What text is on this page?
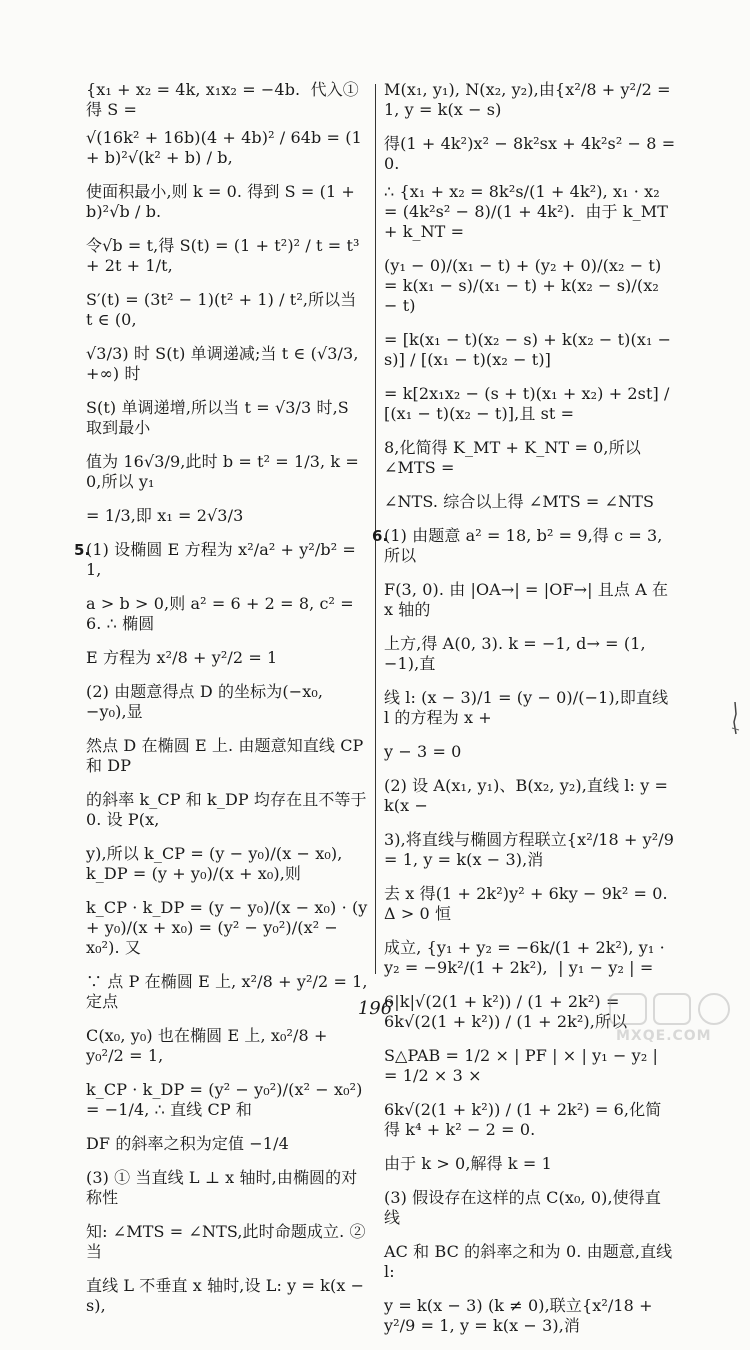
{x₁ + x₂ = 4k, x₁x₂ = −4b.  代入①得 S =
√(16k² + 16b)(4 + 4b)² / 64b = (1 + b)²√(k² + b) / b,
使面积最小,则 k = 0. 得到 S = (1 + b)²√b / b.
令√b = t,得 S(t) = (1 + t²)² / t = t³ + 2t + 1/t,
S′(t) = (3t² − 1)(t² + 1) / t²,所以当 t ∈ (0,
√3/3) 时 S(t) 单调递减;当 t ∈ (√3/3, +∞) 时
S(t) 单调递增,所以当 t = √3/3 时,S 取到最小
值为 16√3/9,此时 b = t² = 1/3, k = 0,所以 y₁
= 1/3,即 x₁ = 2√3/3
5.
(1) 设椭圆 E 方程为 x²/a² + y²/b² = 1,
a > b > 0,则 a² = 6 + 2 = 8, c² = 6. ∴ 椭圆
E 方程为 x²/8 + y²/2 = 1
(2) 由题意得点 D 的坐标为(−x₀, −y₀),显
然点 D 在椭圆 E 上. 由题意知直线 CP 和 DP
的斜率 k_CP 和 k_DP 均存在且不等于 0. 设 P(x,
y),所以 k_CP = (y − y₀)/(x − x₀), k_DP = (y + y₀)/(x + x₀),则
k_CP · k_DP = (y − y₀)/(x − x₀) · (y + y₀)/(x + x₀) = (y² − y₀²)/(x² − x₀²). 又
∵ 点 P 在椭圆 E 上, x²/8 + y²/2 = 1,定点
C(x₀, y₀) 也在椭圆 E 上, x₀²/8 + y₀²/2 = 1,
k_CP · k_DP = (y² − y₀²)/(x² − x₀²) = −1/4, ∴ 直线 CP 和
DF 的斜率之积为定值 −1/4
(3) ① 当直线 L ⊥ x 轴时,由椭圆的对称性
知: ∠MTS = ∠NTS,此时命题成立. ② 当
直线 L 不垂直 x 轴时,设 L: y = k(x − s),
M(x₁, y₁), N(x₂, y₂),由{x²/8 + y²/2 = 1, y = k(x − s)
得(1 + 4k²)x² − 8k²sx + 4k²s² − 8 = 0.
∴ {x₁ + x₂ = 8k²s/(1 + 4k²), x₁ · x₂ = (4k²s² − 8)/(1 + 4k²).  由于 k_MT + k_NT =
(y₁ − 0)/(x₁ − t) + (y₂ + 0)/(x₂ − t) = k(x₁ − s)/(x₁ − t) + k(x₂ − s)/(x₂ − t)
= [k(x₁ − t)(x₂ − s) + k(x₂ − t)(x₁ − s)] / [(x₁ − t)(x₂ − t)]
= k[2x₁x₂ − (s + t)(x₁ + x₂) + 2st] / [(x₁ − t)(x₂ − t)],且 st =
8,化简得 K_MT + K_NT = 0,所以 ∠MTS =
∠NTS. 综合以上得 ∠MTS = ∠NTS
6.
(1) 由题意 a² = 18, b² = 9,得 c = 3,所以
F(3, 0). 由 |OA→| = |OF→| 且点 A 在 x 轴的
上方,得 A(0, 3). k = −1, d→ = (1, −1),直
线 l: (x − 3)/1 = (y − 0)/(−1),即直线 l 的方程为 x +
y − 3 = 0
(2) 设 A(x₁, y₁)、B(x₂, y₂),直线 l: y = k(x −
3),将直线与椭圆方程联立{x²/18 + y²/9 = 1, y = k(x − 3),消
去 x 得(1 + 2k²)y² + 6ky − 9k² = 0. Δ > 0 恒
成立, {y₁ + y₂ = −6k/(1 + 2k²), y₁ · y₂ = −9k²/(1 + 2k²),  | y₁ − y₂ | =
6|k|√(2(1 + k²)) / (1 + 2k²) = 6k√(2(1 + k²)) / (1 + 2k²),所以
S△PAB = 1/2 × | PF | × | y₁ − y₂ | = 1/2 × 3 ×
6k√(2(1 + k²)) / (1 + 2k²) = 6,化简得 k⁴ + k² − 2 = 0.
由于 k > 0,解得 k = 1
(3) 假设存在这样的点 C(x₀, 0),使得直线
AC 和 BC 的斜率之和为 0. 由题意,直线 l:
y = k(x − 3) (k ≠ 0),联立{x²/18 + y²/9 = 1, y = k(x − 3),消
196
MXQE.COM
